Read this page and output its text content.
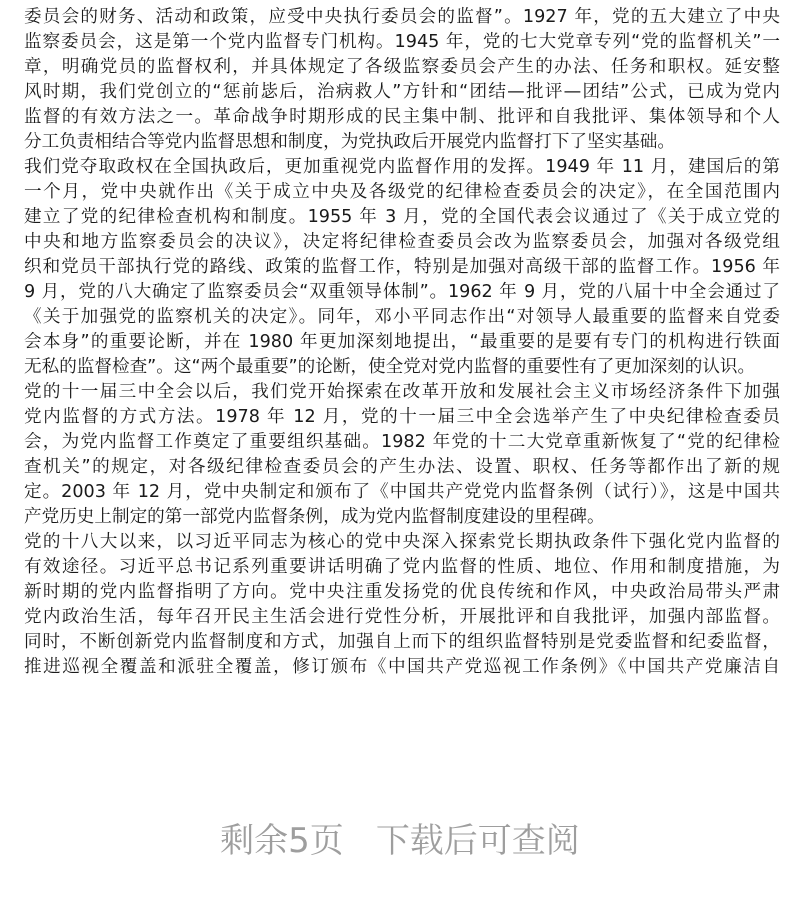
委员会的财务、活动和政策，应受中央执行委员会的监督”。1927 年，党的五大建立了中央
监察委员会，这是第一个党内监督专门机构。1945 年，党的七大党章专列“党的监督机关”一
章，明确党员的监督权利，并具体规定了各级监察委员会产生的办法、任务和职权。延安整
风时期，我们党创立的“惩前毖后，治病救人”方针和“团结—批评—团结”公式，已成为党内
监督的有效方法之一。革命战争时期形成的民主集中制、批评和自我批评、集体领导和个人
分工负责相结合等党内监督思想和制度，为党执政后开展党内监督打下了坚实基础。
我们党夺取政权在全国执政后，更加重视党内监督作用的发挥。1949 年 11 月，建国后的第
一个月，党中央就作出《关于成立中央及各级党的纪律检查委员会的决定》，在全国范围内
建立了党的纪律检查机构和制度。1955 年 3 月，党的全国代表会议通过了《关于成立党的
中央和地方监察委员会的决议》，决定将纪律检查委员会改为监察委员会，加强对各级党组
织和党员干部执行党的路线、政策的监督工作，特别是加强对高级干部的监督工作。1956 年
9 月，党的八大确定了监察委员会“双重领导体制”。1962 年 9 月，党的八届十中全会通过了
《关于加强党的监察机关的决定》。同年，邓小平同志作出“对领导人最重要的监督来自党委
会本身”的重要论断，并在 1980 年更加深刻地提出，“最重要的是要有专门的机构进行铁面
无私的监督检查”。这“两个最重要”的论断，使全党对党内监督的重要性有了更加深刻的认识。
党的十一届三中全会以后，我们党开始探索在改革开放和发展社会主义市场经济条件下加强
党内监督的方式方法。1978 年 12 月，党的十一届三中全会选举产生了中央纪律检查委员
会，为党内监督工作奠定了重要组织基础。1982 年党的十二大党章重新恢复了“党的纪律检
查机关”的规定，对各级纪律检查委员会的产生办法、设置、职权、任务等都作出了新的规
定。2003 年 12 月，党中央制定和颁布了《中国共产党党内监督条例（试行）》，这是中国共
产党历史上制定的第一部党内监督条例，成为党内监督制度建设的里程碑。
党的十八大以来，以习近平同志为核心的党中央深入探索党长期执政条件下强化党内监督的
有效途径。习近平总书记系列重要讲话明确了党内监督的性质、地位、作用和制度措施，为
新时期的党内监督指明了方向。党中央注重发扬党的优良传统和作风，中央政治局带头严肃
党内政治生活，每年召开民主生活会进行党性分析，开展批评和自我批评，加强内部监督。
同时，不断创新党内监督制度和方式，加强自上而下的组织监督特别是党委监督和纪委监督，
推进巡视全覆盖和派驻全覆盖，修订颁布《中国共产党巡视工作条例》《中国共产党廉洁自
剩余5页 下载后可查阅
